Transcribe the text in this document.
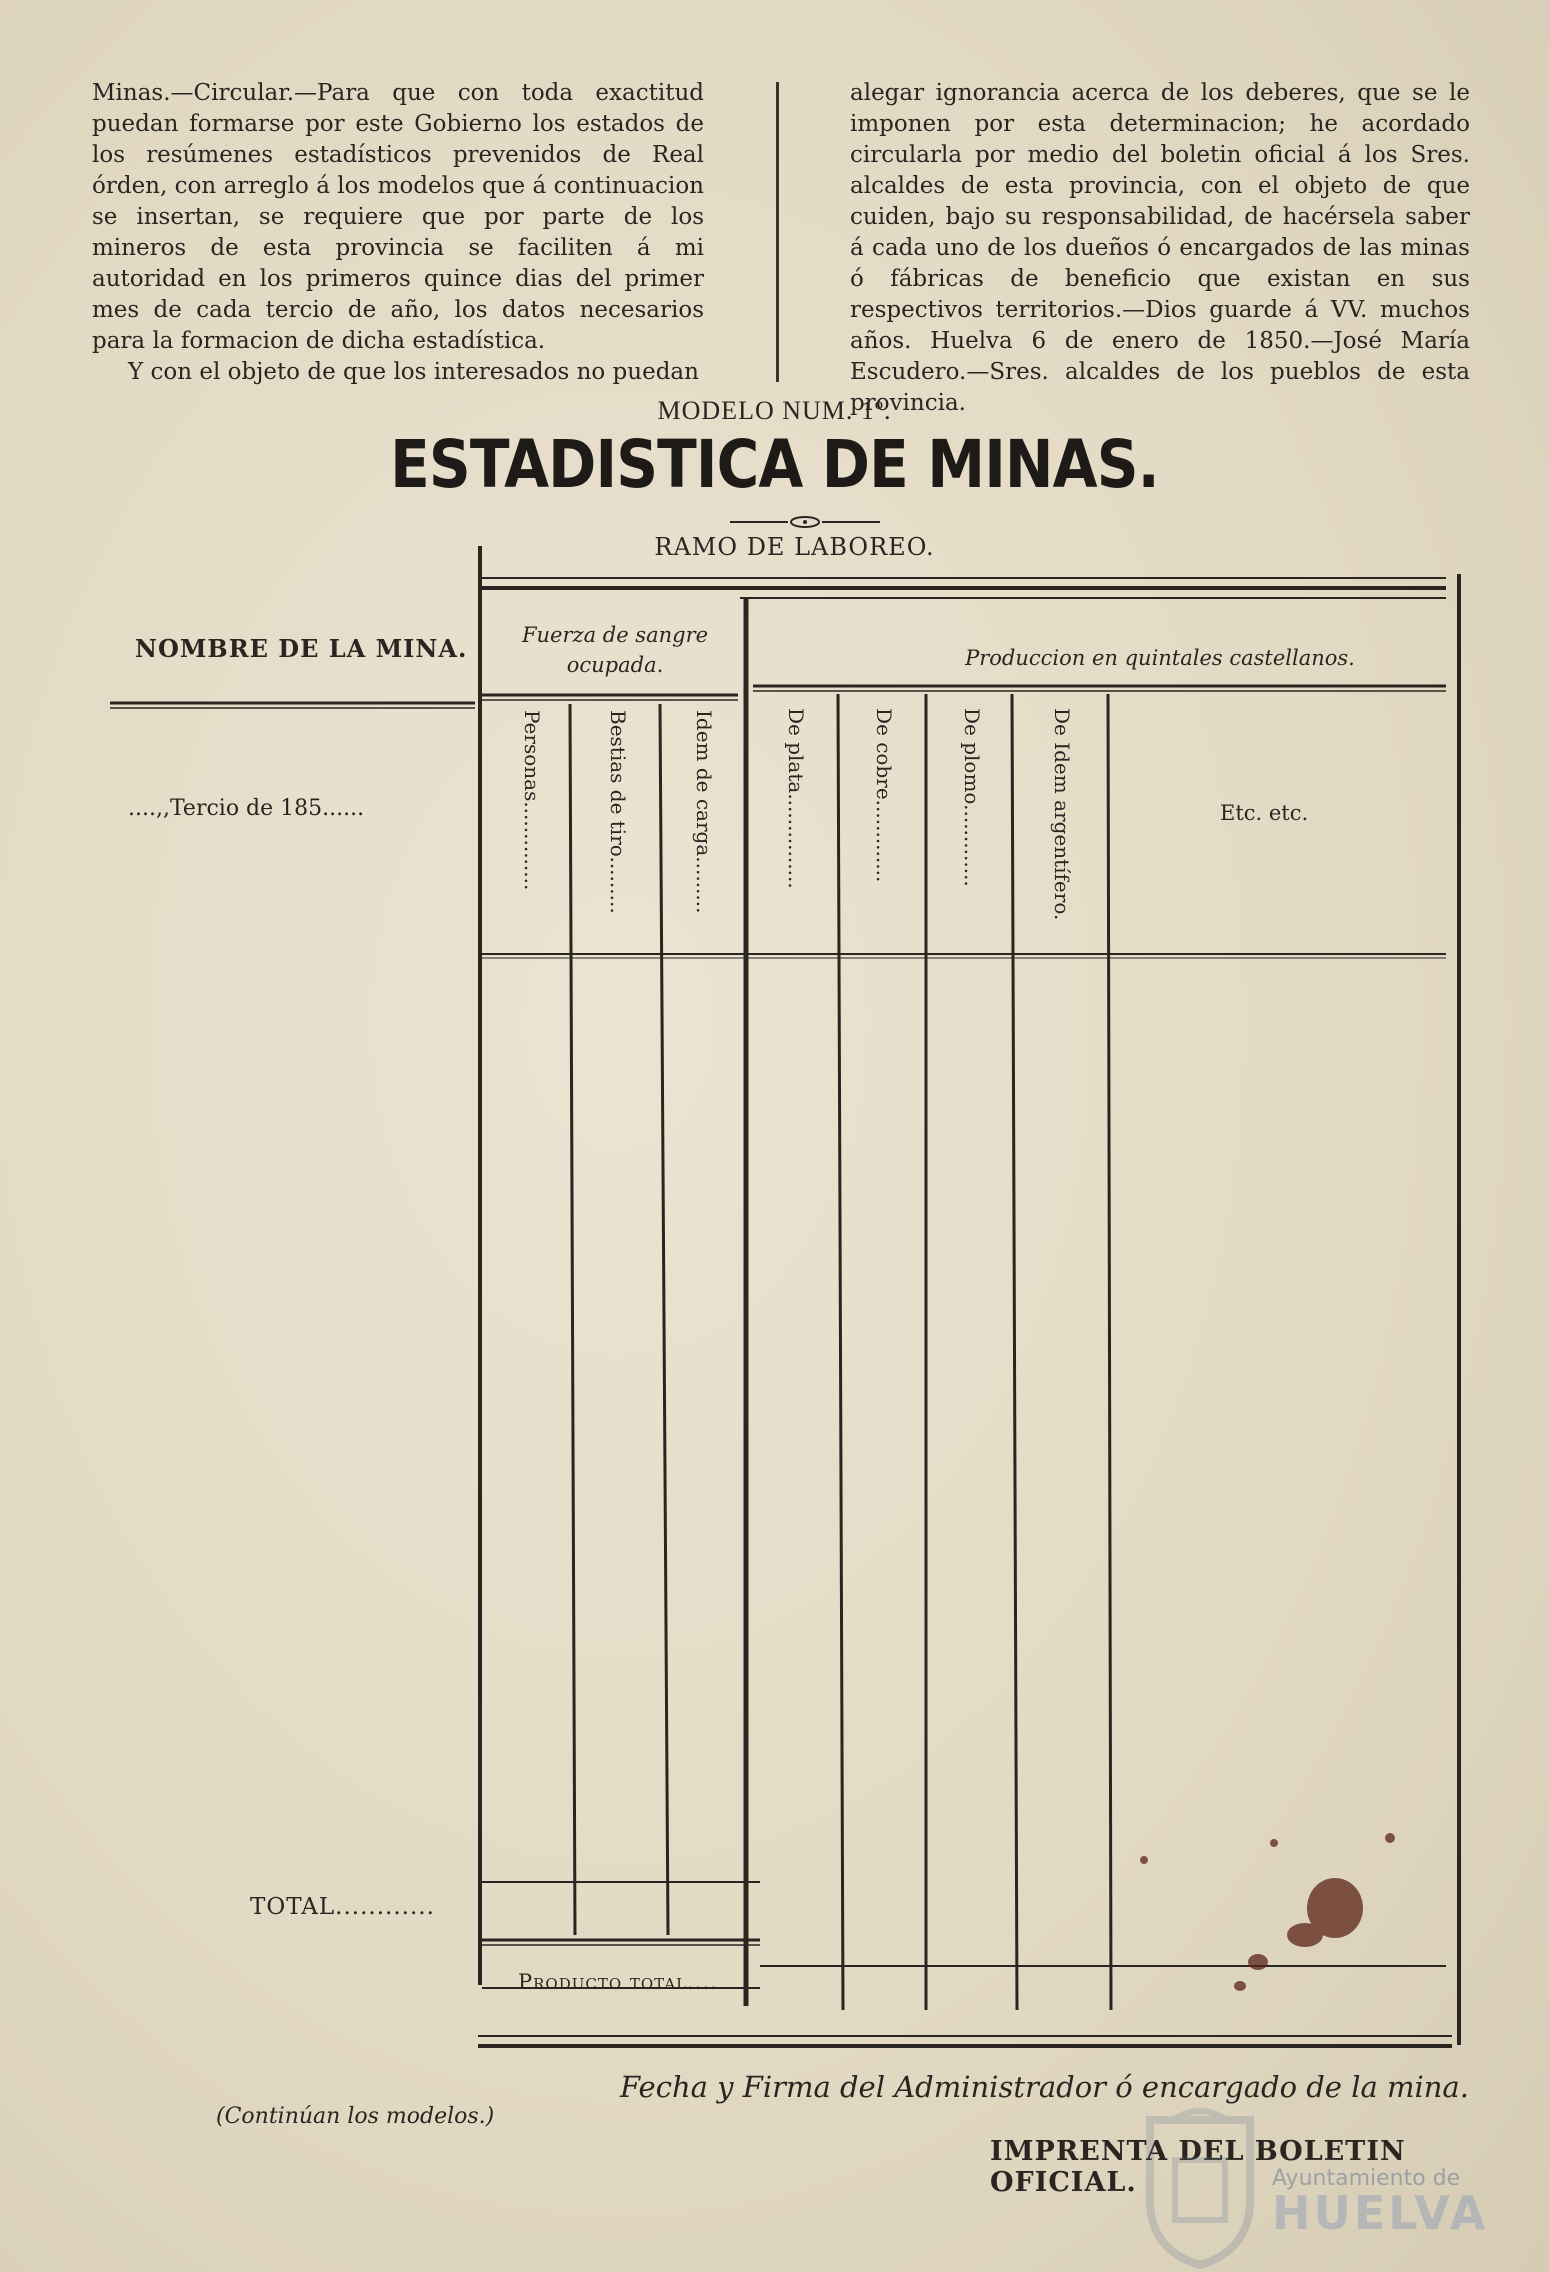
Minas.—Circular.—Para que con toda exactitud puedan formarse por este Gobierno los estados de los resúmenes estadísticos prevenidos de Real órden, con arreglo á los modelos que á continuacion se insertan, se requiere que por parte de los mineros de esta provincia se faciliten á mi autoridad en los primeros quince dias del primer mes de cada tercio de año, los datos necesarios para la formacion de dicha estadística.

Y con el objeto de que los interesados no puedan

alegar ignorancia acerca de los deberes, que se le imponen por esta determinacion; he acordado circularla por medio del boletin oficial á los Sres. alcaldes de esta provincia, con el objeto de que cuiden, bajo su responsabilidad, de hacérsela saber á cada uno de los dueños ó encargados de las minas ó fábricas de beneficio que existan en sus respectivos territorios.—Dios guarde á VV. muchos años. Huelva 6 de enero de 1850.—José María Escudero.—Sres. alcaldes de los pueblos de esta provincia.

MODELO NUM. 1º.
ESTADISTICA DE MINAS.
RAMO DE LABOREO.
NOMBRE DE LA MINA.	Fuerza de sangre ocupada.	Produccion en quintales castellanos.
....,,Tercio de 185......	Personas..............	Bestias de tiro.........	Idem de carga.........	De plata...............	De cobre.............	De plomo.............	De Idem argentífero.	Etc. etc.
TOTAL............
Producto total....
Fecha y Firma del Administrador ó encargado de la mina.
(Continúan los modelos.)
IMPRENTA DEL BOLETIN OFICIAL.	Ayuntamiento de
HUELVA
